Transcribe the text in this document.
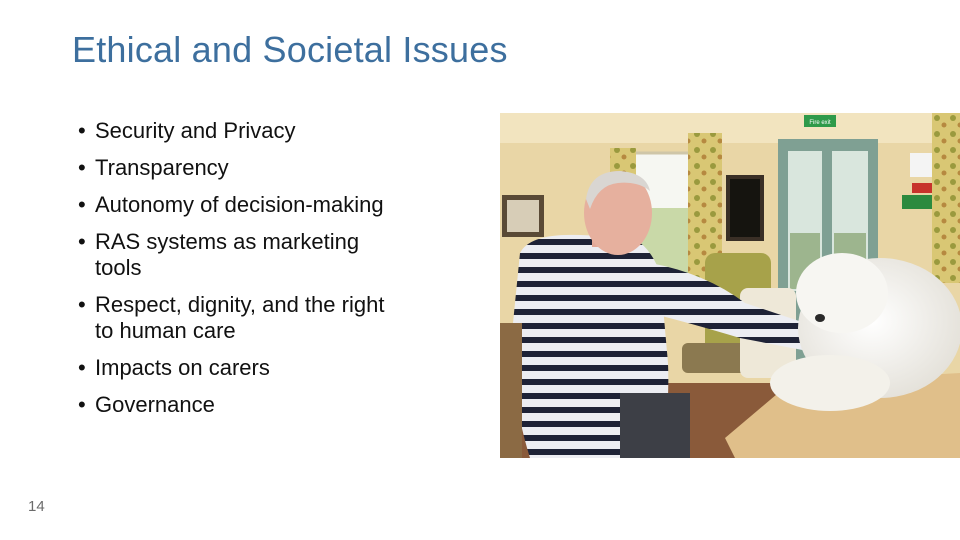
Ethical and Societal Issues
• Security and Privacy
• Transparency
• Autonomy of decision-making
• RAS systems as marketing tools
• Respect, dignity, and the right to human care
• Impacts on carers
• Governance
Fire exit
14
